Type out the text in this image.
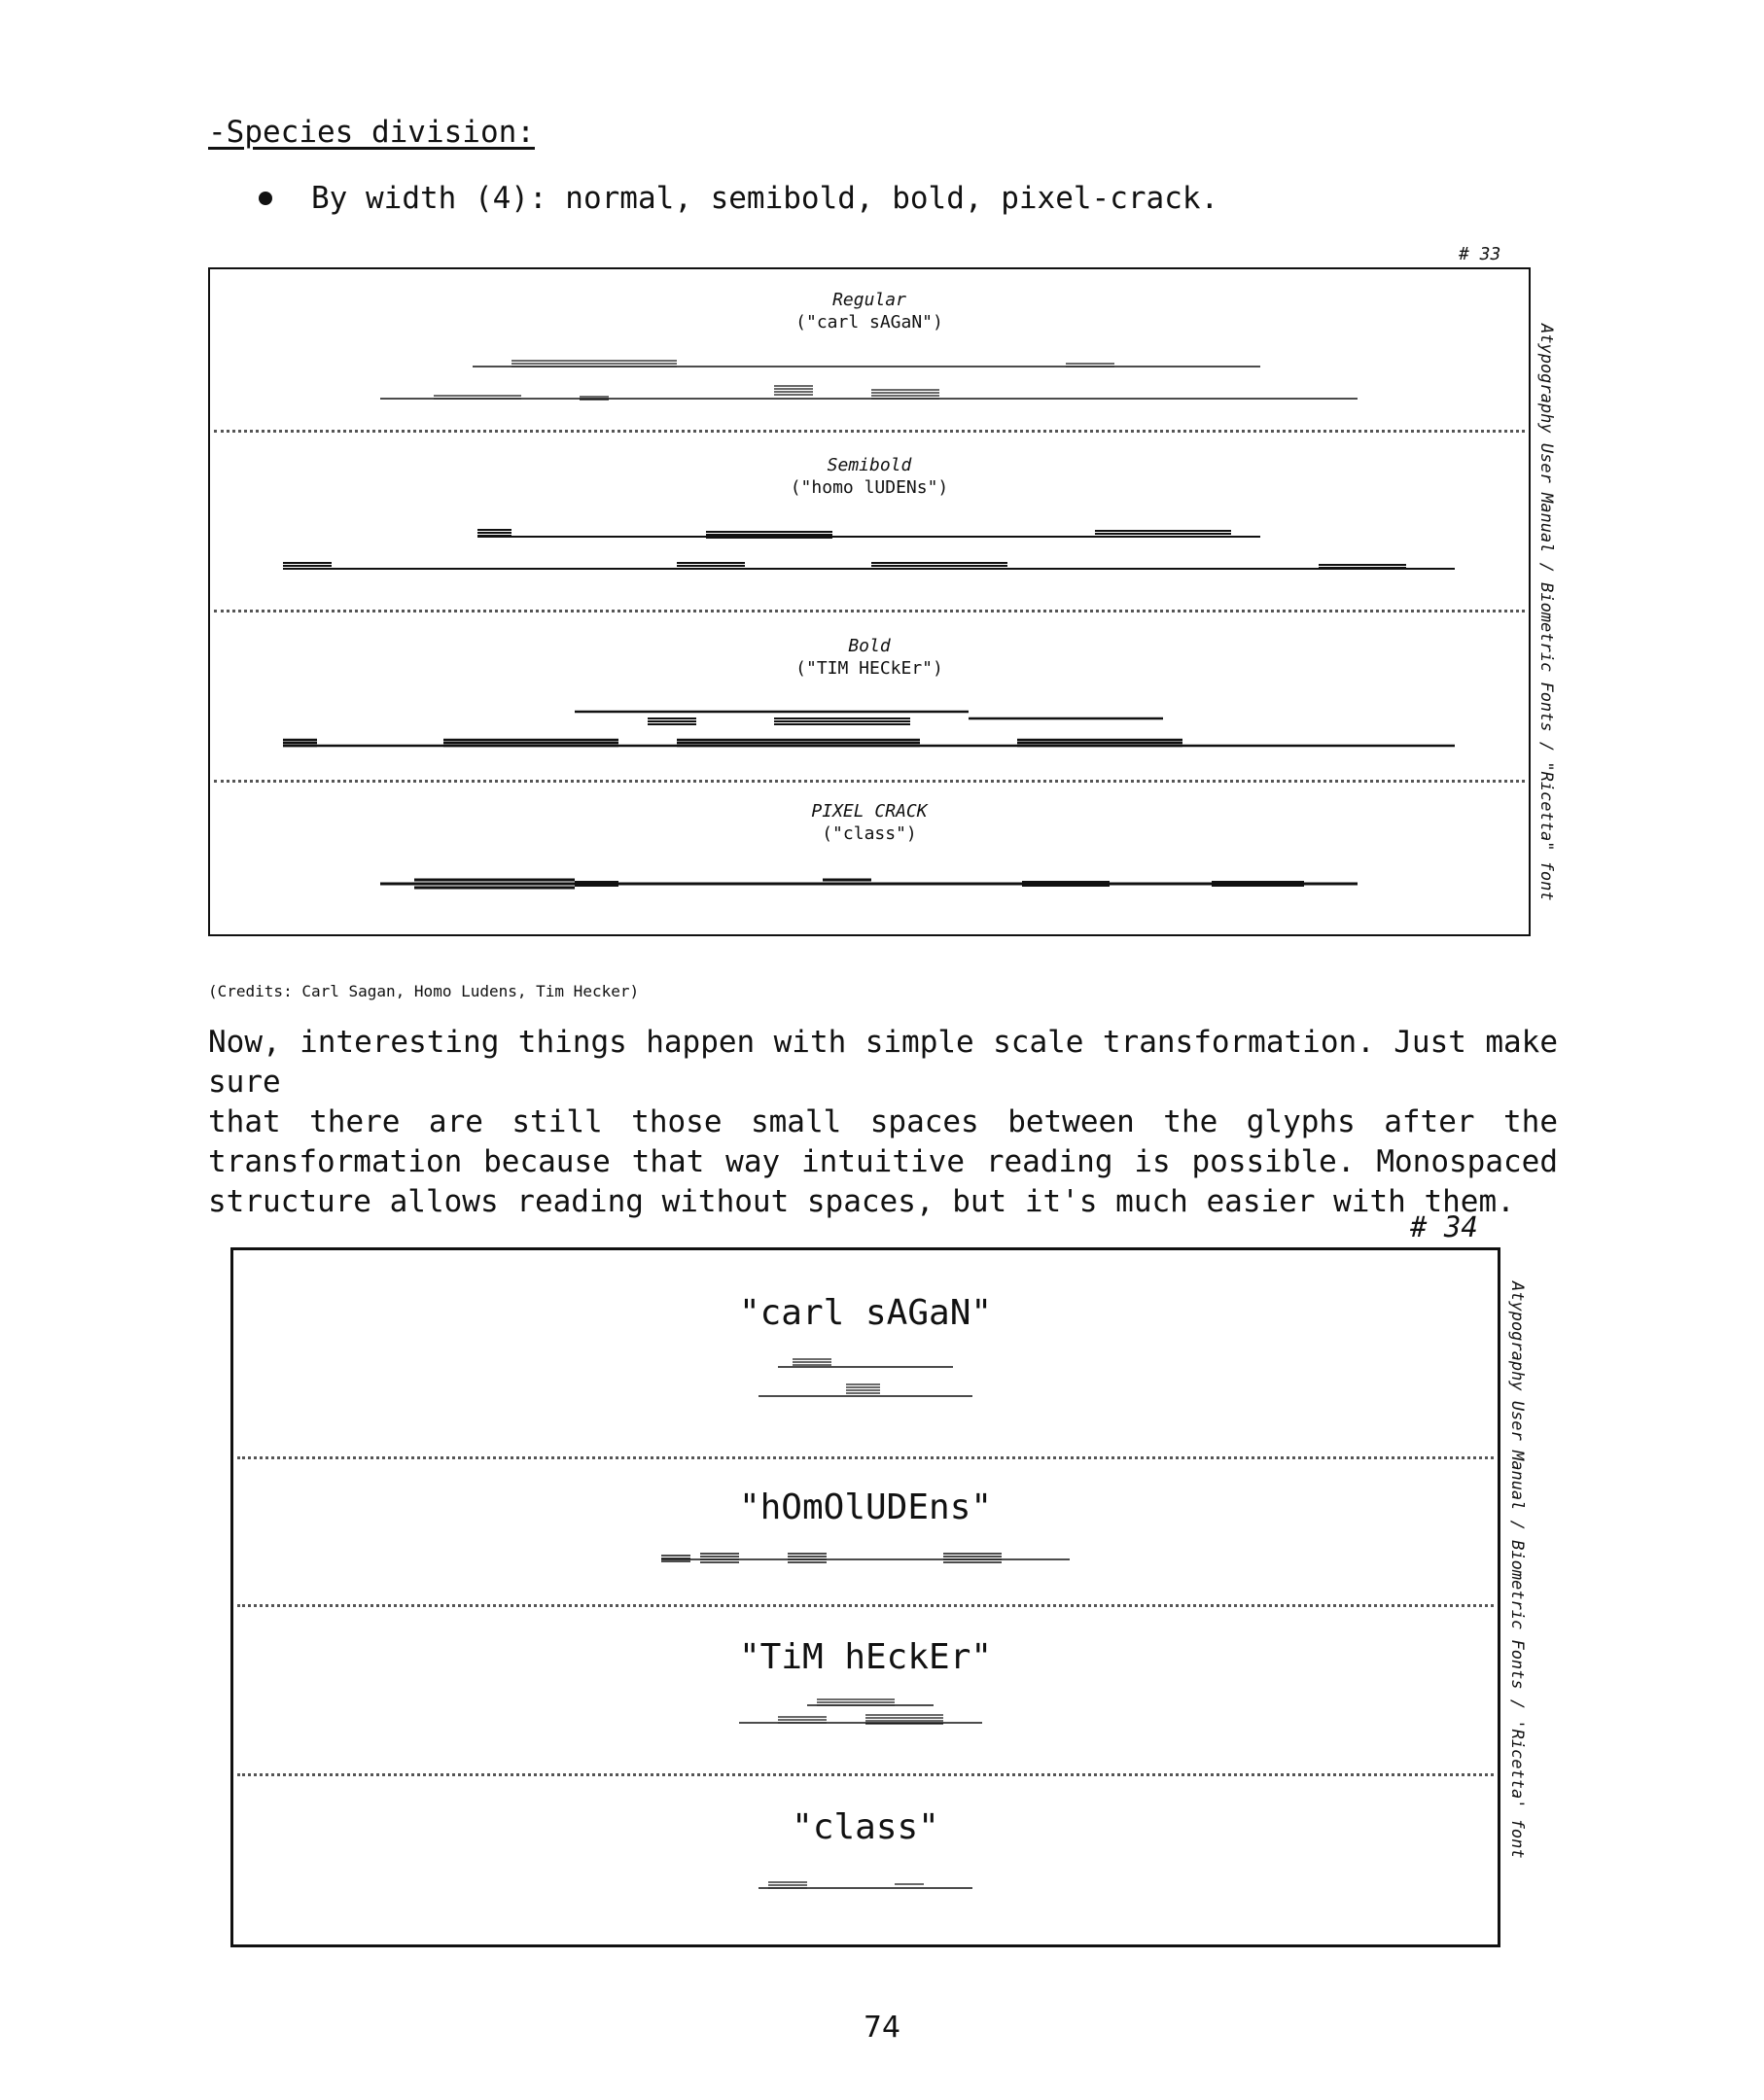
-Species division:
By width (4): normal, semibold, bold, pixel-crack.
# 33
Regular
("carl sAGaN")
Semibold
("homo lUDENs")
Bold
("TIM HECkEr")
PIXEL CRACK
("class")	Atypography User Manual / Biometric Fonts / "Ricetta" font
(Credits: Carl Sagan, Homo Ludens, Tim Hecker)
Now, interesting things happen with simple scale transformation. Just make sure
that there are still those small spaces between the glyphs after the
transformation because that way intuitive reading is possible. Monospaced
structure allows reading without spaces, but it's much easier with them.
# 34
"carl sAGaN"
"hOmOlUDEns"
"TiM hEckEr"
"class"	Atypography User Manual / Biometric Fonts / 'Ricetta' font
74
